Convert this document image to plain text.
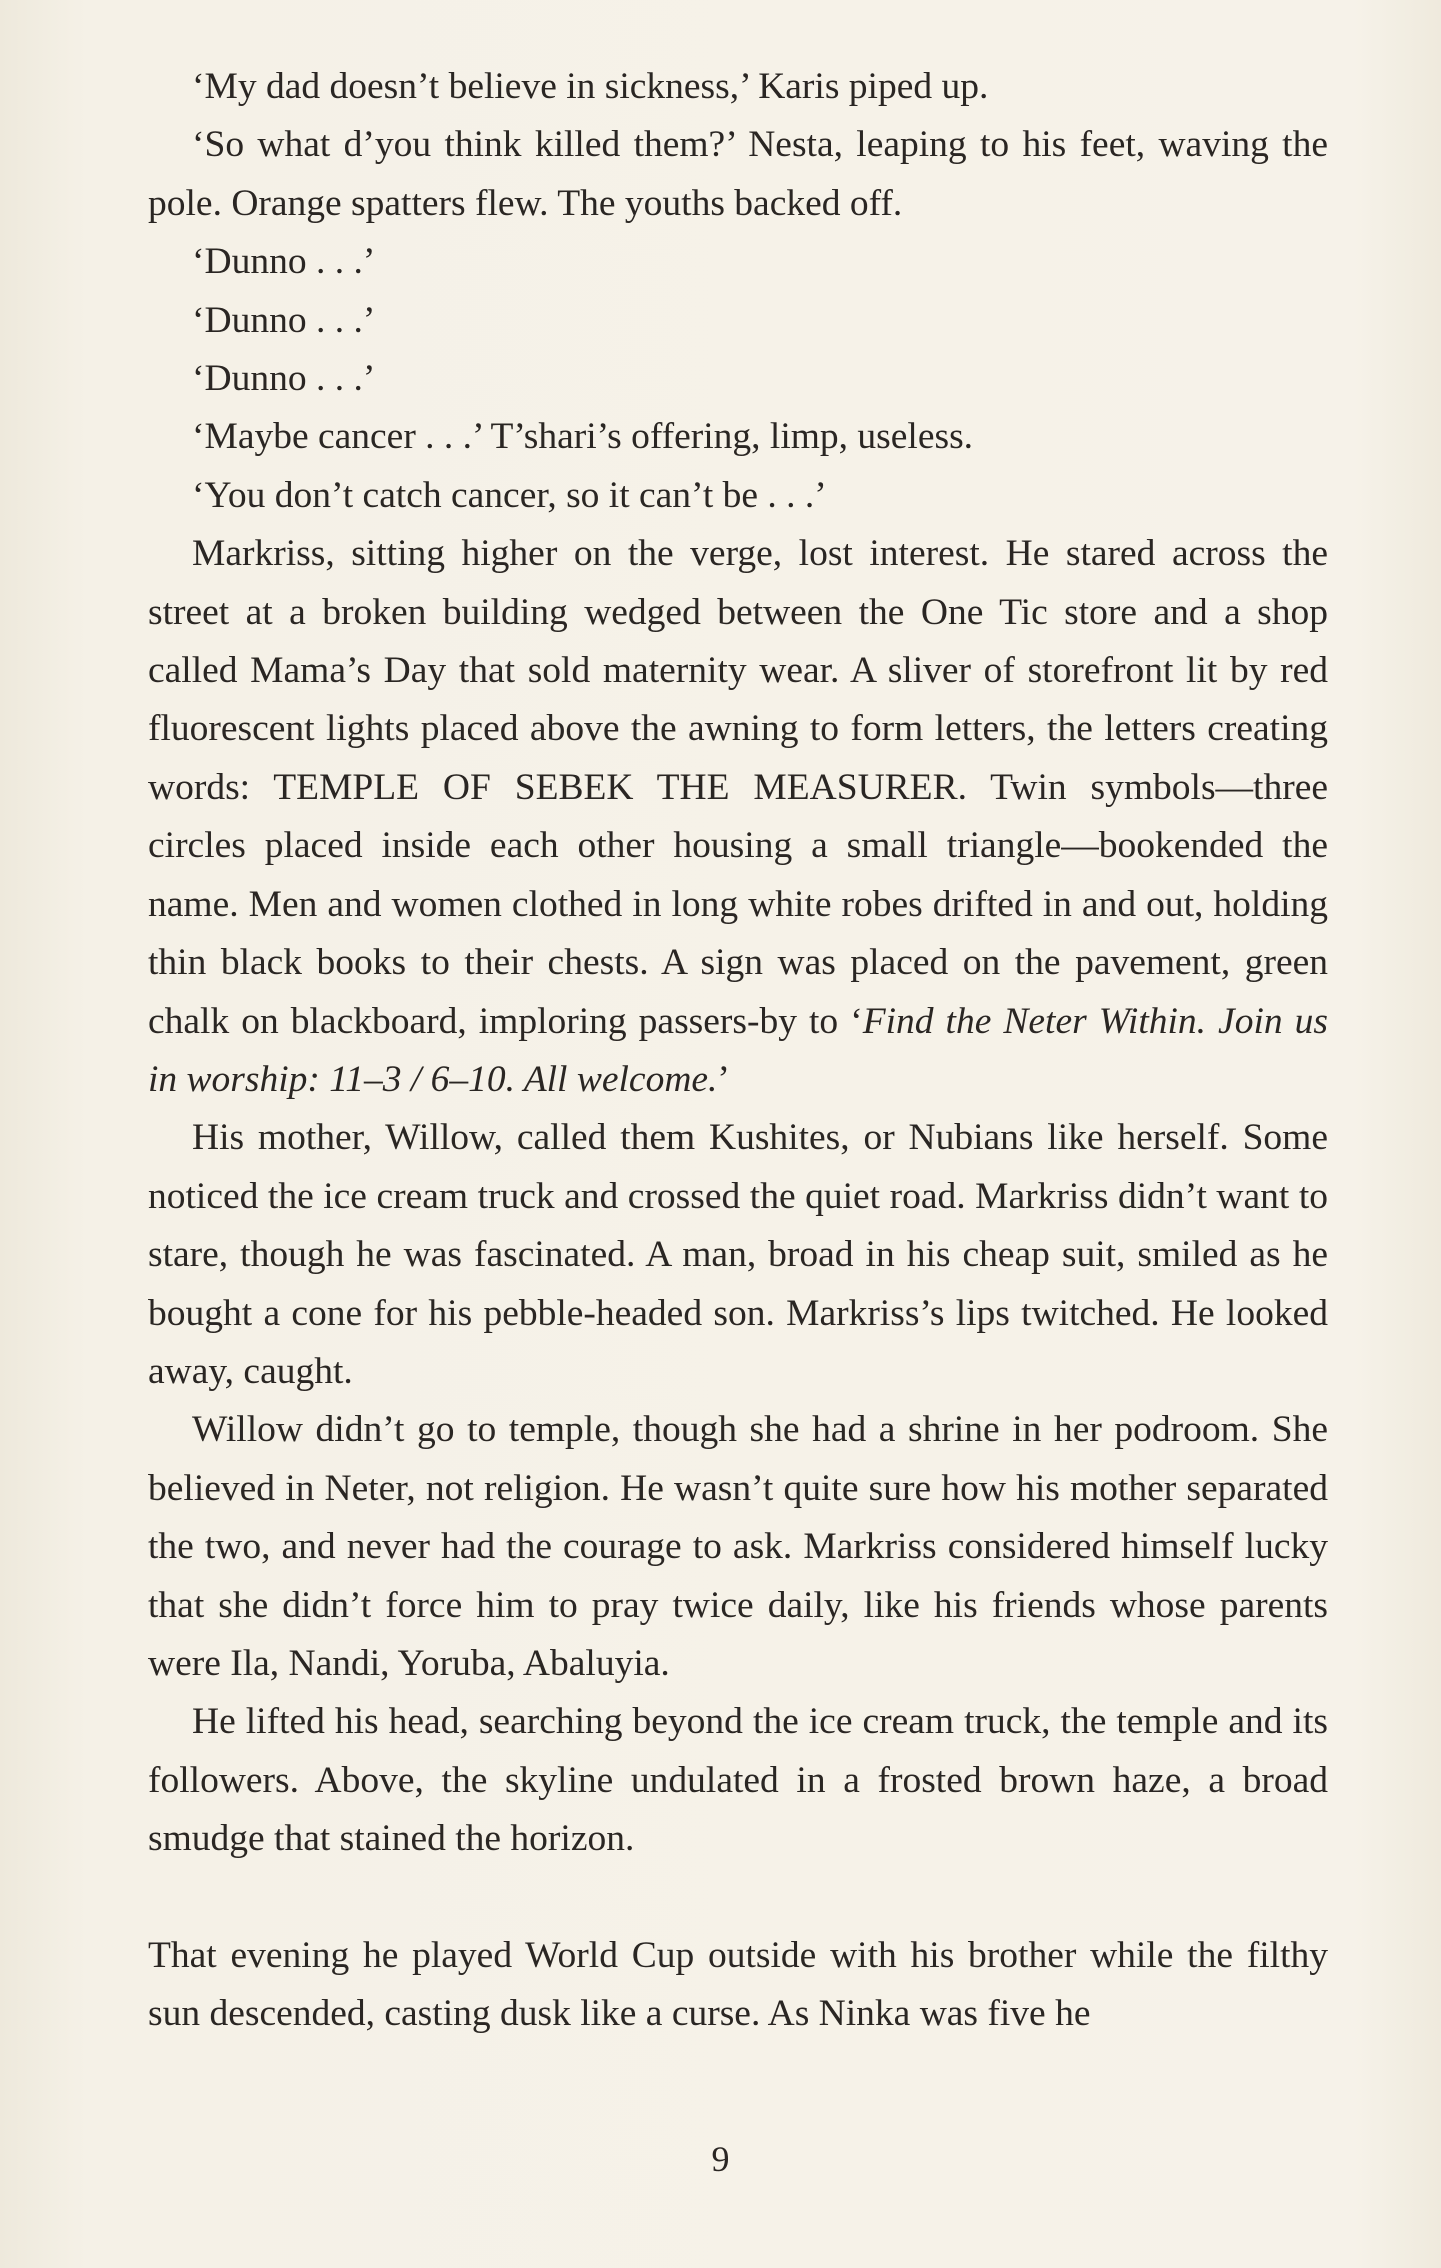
‘My dad doesn’t believe in sickness,’ Karis piped up.

‘So what d’you think killed them?’ Nesta, leaping to his feet, waving the pole. Orange spatters flew. The youths backed off.

‘Dunno . . .’

‘Dunno . . .’

‘Dunno . . .’

‘Maybe cancer . . .’ T’shari’s offering, limp, useless.

‘You don’t catch cancer, so it can’t be . . .’

Markriss, sitting higher on the verge, lost interest. He stared across the street at a broken building wedged between the One Tic store and a shop called Mama’s Day that sold maternity wear. A sliver of storefront lit by red fluorescent lights placed above the awning to form letters, the letters creating words: TEMPLE OF SEBEK THE MEASURER. Twin symbols—three circles placed inside each other housing a small triangle—bookended the name. Men and women clothed in long white robes drifted in and out, holding thin black books to their chests. A sign was placed on the pavement, green chalk on blackboard, imploring passers-by to ‘Find the Neter Within. Join us in worship: 11–3 / 6–10. All welcome.’

His mother, Willow, called them Kushites, or Nubians like herself. Some noticed the ice cream truck and crossed the quiet road. Markriss didn’t want to stare, though he was fascinated. A man, broad in his cheap suit, smiled as he bought a cone for his pebble-headed son. Markriss’s lips twitched. He looked away, caught.

Willow didn’t go to temple, though she had a shrine in her podroom. She believed in Neter, not religion. He wasn’t quite sure how his mother separated the two, and never had the courage to ask. Markriss considered himself lucky that she didn’t force him to pray twice daily, like his friends whose parents were Ila, Nandi, Yoruba, Abaluyia.

He lifted his head, searching beyond the ice cream truck, the temple and its followers. Above, the skyline undulated in a frosted brown haze, a broad smudge that stained the horizon.

That evening he played World Cup outside with his brother while the filthy sun descended, casting dusk like a curse. As Ninka was five he

9
